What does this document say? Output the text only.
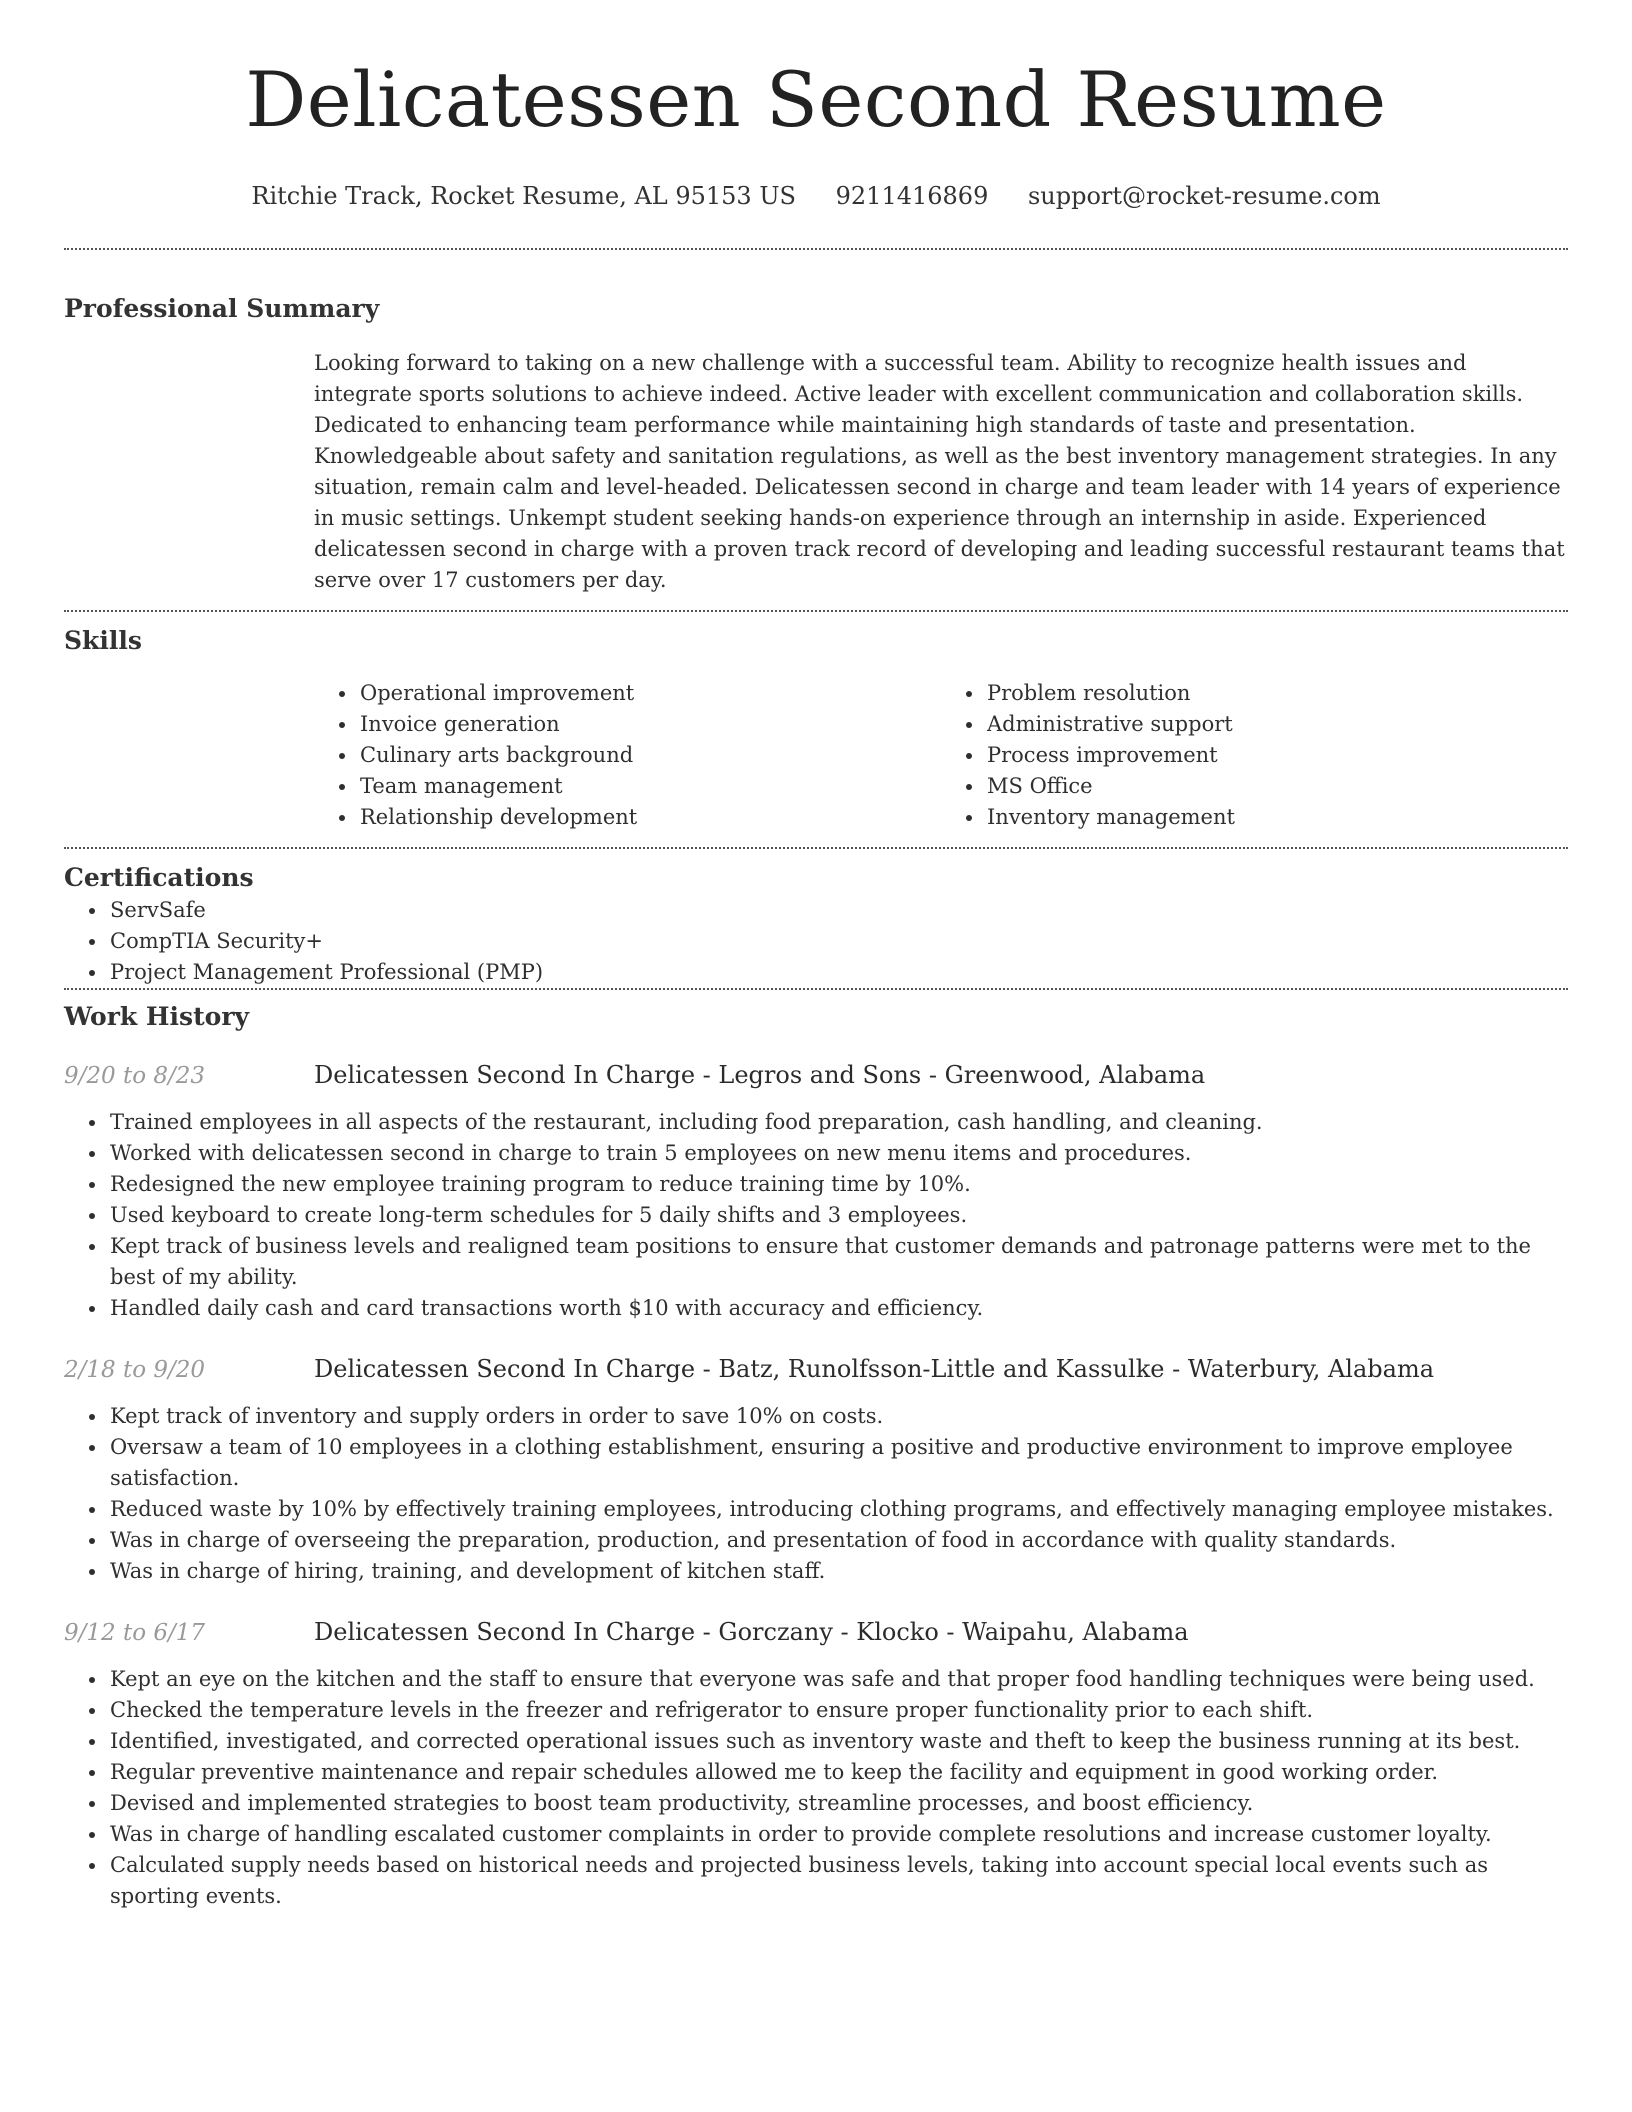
Delicatessen Second Resume
Ritchie Track, Rocket Resume, AL 95153 US 9211416869 support@rocket-resume.com
Professional Summary

Looking forward to taking on a new challenge with a successful team. Ability to recognize health issues and integrate sports solutions to achieve indeed. Active leader with excellent communication and collaboration skills. Dedicated to enhancing team performance while maintaining high standards of taste and presentation. Knowledgeable about safety and sanitation regulations, as well as the best inventory management strategies. In any situation, remain calm and level-headed. Delicatessen second in charge and team leader with 14 years of experience in music settings. Unkempt student seeking hands-on experience through an internship in aside. Experienced delicatessen second in charge with a proven track record of developing and leading successful restaurant teams that serve over 17 customers per day.

Skills
• Operational improvement
• Invoice generation
• Culinary arts background
• Team management
• Relationship development
• Problem resolution
• Administrative support
• Process improvement
• MS Office
• Inventory management
Certifications
• ServSafe
• CompTIA Security+
• Project Management Professional (PMP)
Work History
9/20 to 8/23	Delicatessen Second In Charge - Legros and Sons - Greenwood, Alabama
• Trained employees in all aspects of the restaurant, including food preparation, cash handling, and cleaning.
• Worked with delicatessen second in charge to train 5 employees on new menu items and procedures.
• Redesigned the new employee training program to reduce training time by 10%.
• Used keyboard to create long-term schedules for 5 daily shifts and 3 employees.
• Kept track of business levels and realigned team positions to ensure that customer demands and patronage patterns were met to the best of my ability.
• Handled daily cash and card transactions worth $10 with accuracy and efficiency.
2/18 to 9/20	Delicatessen Second In Charge - Batz, Runolfsson-Little and Kassulke - Waterbury, Alabama
• Kept track of inventory and supply orders in order to save 10% on costs.
• Oversaw a team of 10 employees in a clothing establishment, ensuring a positive and productive environment to improve employee satisfaction.
• Reduced waste by 10% by effectively training employees, introducing clothing programs, and effectively managing employee mistakes.
• Was in charge of overseeing the preparation, production, and presentation of food in accordance with quality standards.
• Was in charge of hiring, training, and development of kitchen staff.
9/12 to 6/17	Delicatessen Second In Charge - Gorczany - Klocko - Waipahu, Alabama
• Kept an eye on the kitchen and the staff to ensure that everyone was safe and that proper food handling techniques were being used.
• Checked the temperature levels in the freezer and refrigerator to ensure proper functionality prior to each shift.
• Identified, investigated, and corrected operational issues such as inventory waste and theft to keep the business running at its best.
• Regular preventive maintenance and repair schedules allowed me to keep the facility and equipment in good working order.
• Devised and implemented strategies to boost team productivity, streamline processes, and boost efficiency.
• Was in charge of handling escalated customer complaints in order to provide complete resolutions and increase customer loyalty.
• Calculated supply needs based on historical needs and projected business levels, taking into account special local events such as sporting events.
